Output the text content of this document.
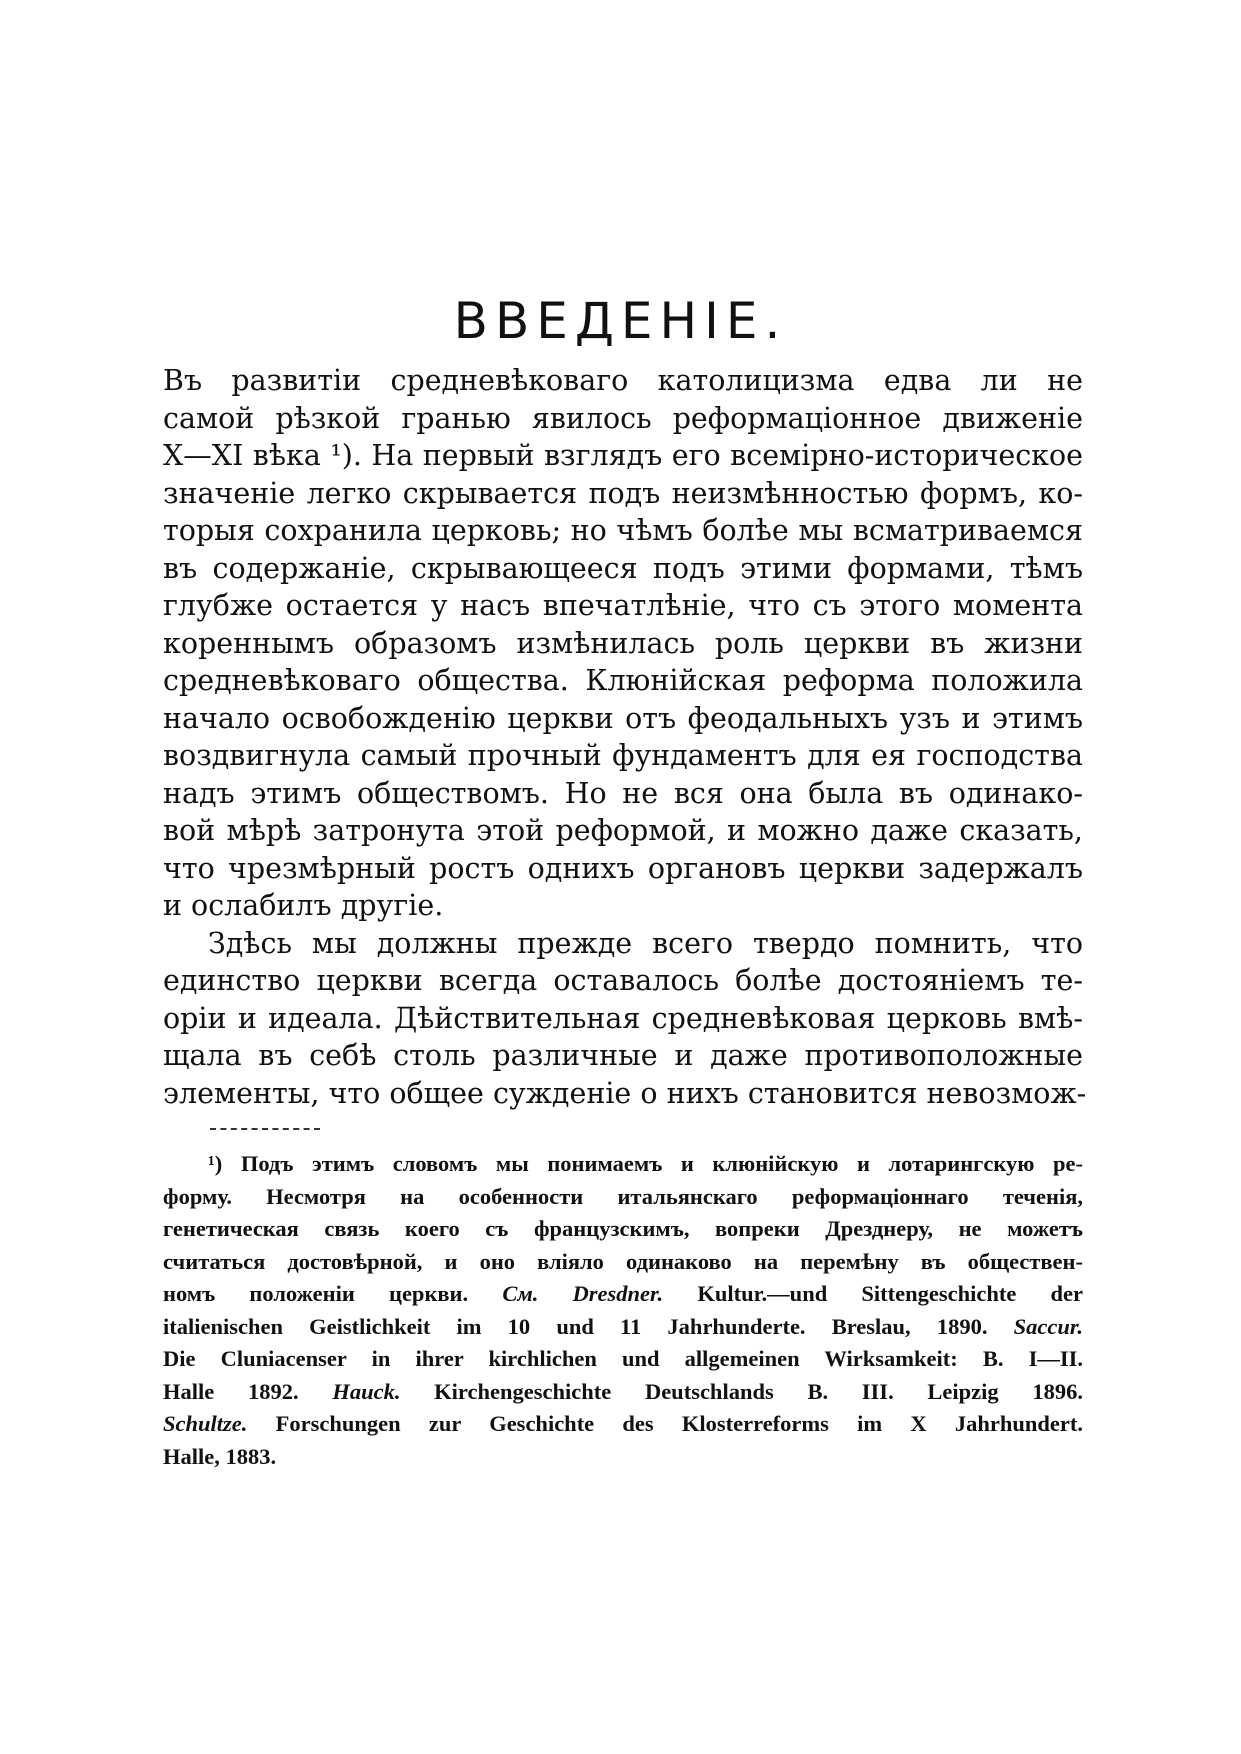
ВВЕДЕНІЕ.
Въ развитіи средневѣковаго католицизма едва ли не
самой рѣзкой гранью явилось реформаціонное движеніе
X—XI вѣка ¹). На первый взглядъ его всемірно-историческое
значеніе легко скрывается подъ неизмѣнностью формъ, ко-
торыя сохранила церковь; но чѣмъ болѣе мы всматриваемся
въ содержаніе, скрывающееся подъ этими формами, тѣмъ
глубже остается у насъ впечатлѣніе, что съ этого момента
кореннымъ образомъ измѣнилась роль церкви въ жизни
средневѣковаго общества. Клюнійская реформа положила
начало освобожденію церкви отъ феодальныхъ узъ и этимъ
воздвигнула самый прочный фундаментъ для ея господства
надъ этимъ обществомъ. Но не вся она была въ одинако-
вой мѣрѣ затронута этой реформой, и можно даже сказать,
что чрезмѣрный ростъ однихъ органовъ церкви задержалъ
и ослабилъ другіе.
Здѣсь мы должны прежде всего твердо помнить, что
единство церкви всегда оставалось болѣе достояніемъ те-
оріи и идеала. Дѣйствительная средневѣковая церковь вмѣ-
щала въ себѣ столь различные и даже противоположные
элементы, что общее сужденіе о нихъ становится невозмож-
¹) Подъ этимъ словомъ мы понимаемъ и клюнійскую и лотарингскую ре-
форму. Несмотря на особенности итальянскаго реформаціоннаго теченія,
генетическая связь коего съ французскимъ, вопреки Дрезднеру, не можетъ
считаться достовѣрной, и оно вліяло одинаково на перемѣну въ обществен-
номъ положеніи церкви. См. Dresdner. Kultur.—und Sittengeschichte der
italienischen Geistlichkeit im 10 und 11 Jahrhunderte. Breslau, 1890. Saccur.
Die Cluniacenser in ihrer kirchlichen und allgemeinen Wirksamkeit: B. I—II.
Halle 1892. Hauck. Kirchengeschichte Deutschlands B. III. Leipzig 1896.
Schultze. Forschungen zur Geschichte des Klosterreforms im X Jahrhundert.
Halle, 1883.
